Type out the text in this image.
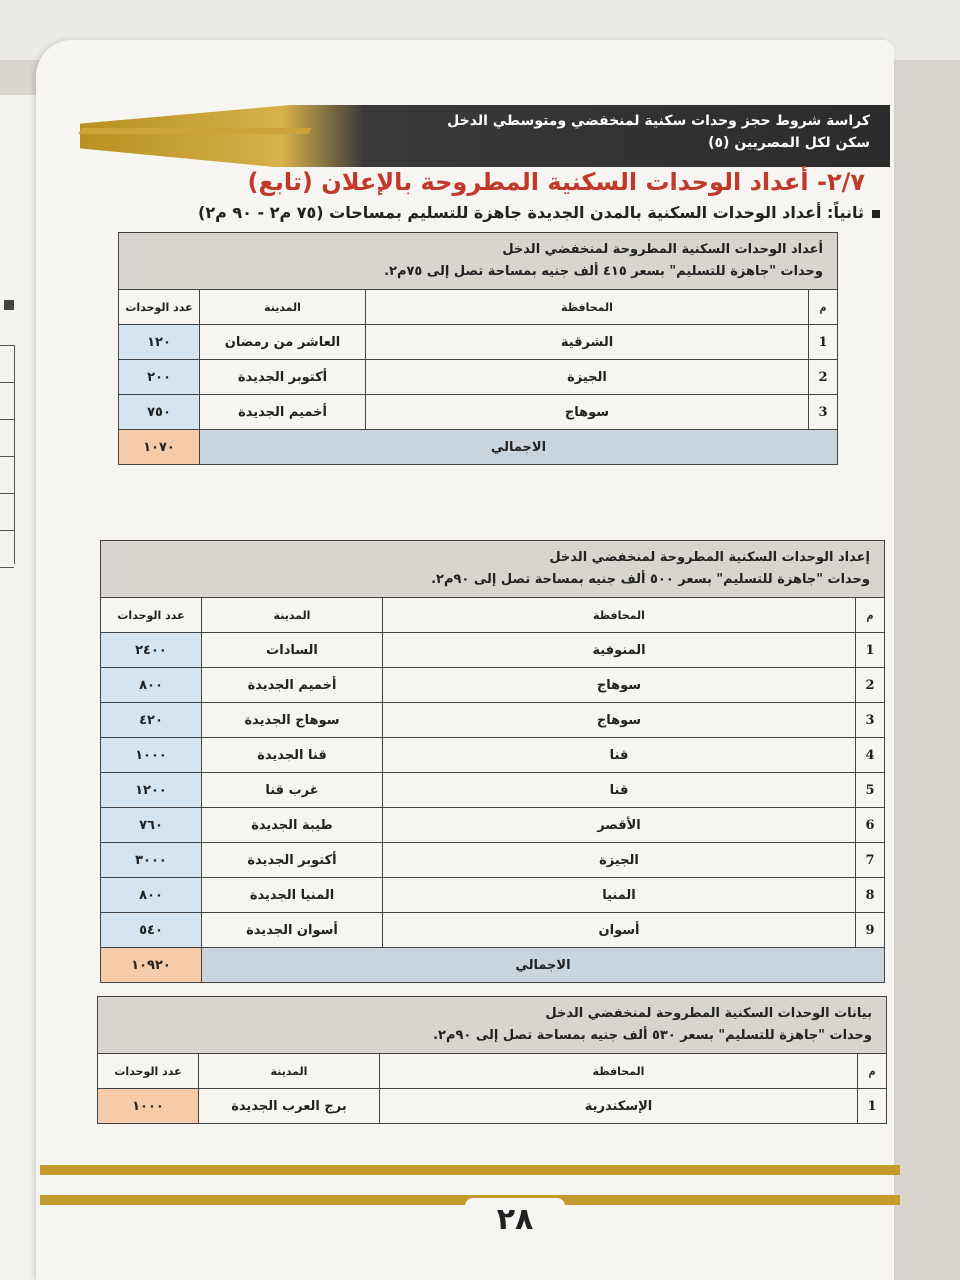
كراسة شروط حجز وحدات سكنية لمنخفضي ومتوسطي الدخل
سكن لكل المصريين (٥)
٢/٧- أعداد الوحدات السكنية المطروحة بالإعلان (تابع)
ثانياً: أعداد الوحدات السكنية بالمدن الجديدة جاهزة للتسليم بمساحات (٧٥ م٢ - ٩٠ م٢)
أعداد الوحدات السكنية المطروحة لمنخفضي الدخل
وحدات "جاهزة للتسليم" بسعر ٤١٥ ألف جنيه بمساحة تصل إلى ٧٥م٢.			

م	المحافظة	المدينة	عدد الوحدات
1	الشرقية	العاشر من رمضان	١٢٠
2	الجيزة	أكتوبر الجديدة	٢٠٠
3	سوهاج	أخميم الجديدة	٧٥٠
الاجمالي			١٠٧٠
إعداد الوحدات السكنية المطروحة لمنخفضي الدخل
وحدات "جاهزة للتسليم" بسعر ٥٠٠ ألف جنيه بمساحة تصل إلى ٩٠م٢.			

م	المحافظة	المدينة	عدد الوحدات
1	المنوفية	السادات	٢٤٠٠
2	سوهاج	أخميم الجديدة	٨٠٠
3	سوهاج	سوهاج الجديدة	٤٢٠
4	قنا	قنا الجديدة	١٠٠٠
5	قنا	غرب قنا	١٢٠٠
6	الأقصر	طيبة الجديدة	٧٦٠
7	الجيزة	أكتوبر الجديدة	٣٠٠٠
8	المنيا	المنيا الجديدة	٨٠٠
9	أسوان	أسوان الجديدة	٥٤٠
الاجمالي			١٠٩٢٠
بيانات الوحدات السكنية المطروحة لمنخفضي الدخل
وحدات "جاهزة للتسليم" بسعر ٥٣٠ ألف جنيه بمساحة تصل إلى ٩٠م٢.			

م	المحافظة	المدينة	عدد الوحدات
1	الإسكندرية	برج العرب الجديدة	١٠٠٠
٢٨
